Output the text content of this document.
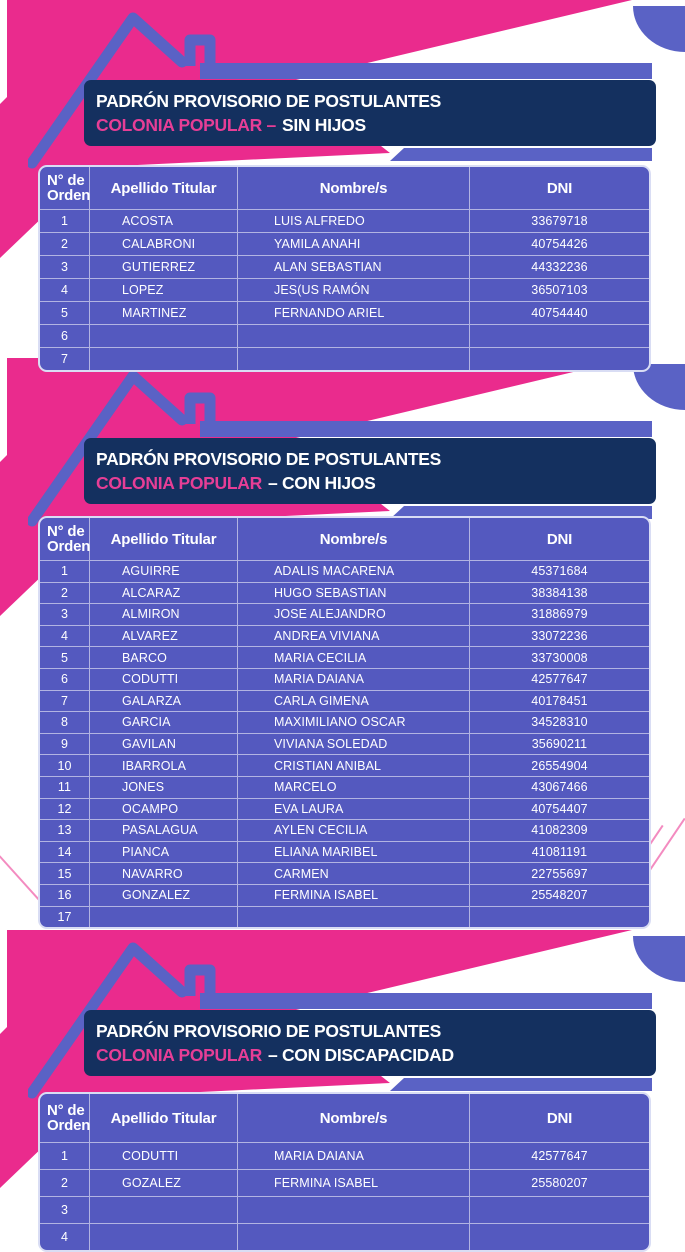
PADRÓN PROVISORIO DE POSTULANTES
COLONIA POPULAR – SIN HIJOS
N° de Orden	Apellido Titular	Nombre/s	DNI
1	ACOSTA	LUIS ALFREDO	33679718
2	CALABRONI	YAMILA ANAHI	40754426
3	GUTIERREZ	ALAN SEBASTIAN	44332236
4	LOPEZ	JES(US RAMÓN	36507103
5	MARTINEZ	FERNANDO ARIEL	40754440
6
7
PADRÓN PROVISORIO DE POSTULANTES
COLONIA POPULAR – CON HIJOS
N° de Orden	Apellido Titular	Nombre/s	DNI
1	AGUIRRE	ADALIS MACARENA	45371684
2	ALCARAZ	HUGO SEBASTIAN	38384138
3	ALMIRON	JOSE ALEJANDRO	31886979
4	ALVAREZ	ANDREA VIVIANA	33072236
5	BARCO	MARIA CECILIA	33730008
6	CODUTTI	MARIA DAIANA	42577647
7	GALARZA	CARLA GIMENA	40178451
8	GARCIA	MAXIMILIANO OSCAR	34528310
9	GAVILAN	VIVIANA SOLEDAD	35690211
10	IBARROLA	CRISTIAN ANIBAL	26554904
11	JONES	MARCELO	43067466
12	OCAMPO	EVA LAURA	40754407
13	PASALAGUA	AYLEN CECILIA	41082309
14	PIANCA	ELIANA MARIBEL	41081191
15	NAVARRO	CARMEN	22755697
16	GONZALEZ	FERMINA ISABEL	25548207
17
PADRÓN PROVISORIO DE POSTULANTES
COLONIA POPULAR – CON DISCAPACIDAD
N° de Orden	Apellido Titular	Nombre/s	DNI
1	CODUTTI	MARIA DAIANA	42577647
2	GOZALEZ	FERMINA ISABEL	25580207
3
4
